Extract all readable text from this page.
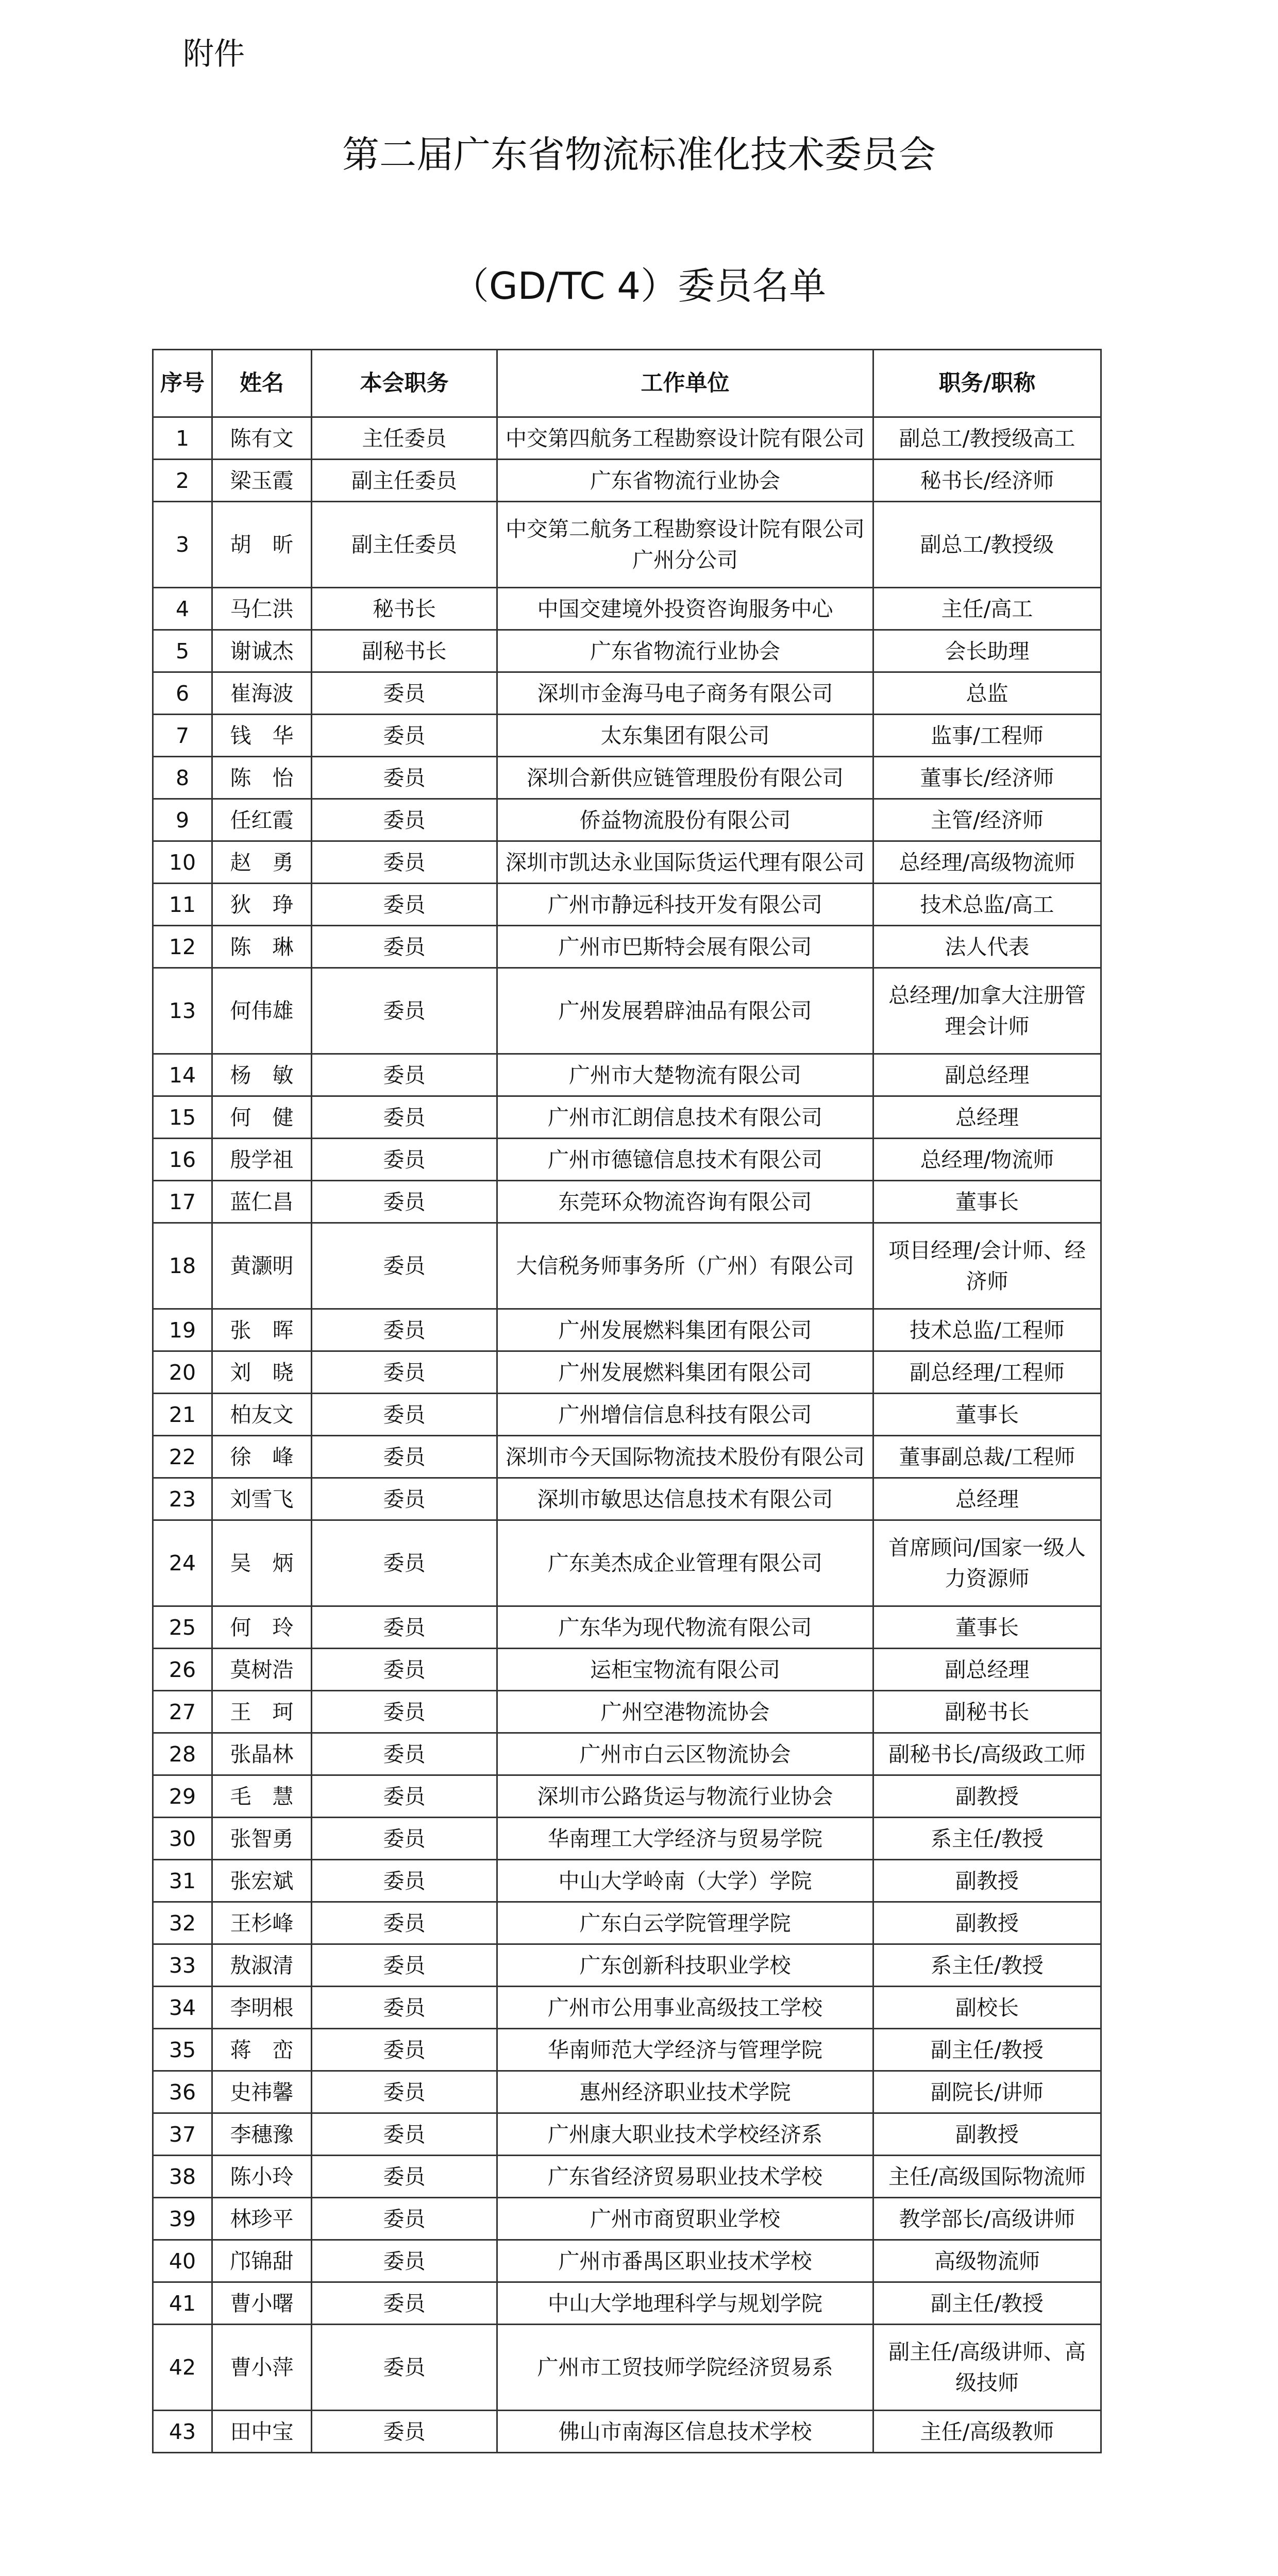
附件
第二届广东省物流标准化技术委员会
（GD/TC 4）委员名单
序号	姓名	本会职务	工作单位	职务/职称
1	陈有文	主任委员	中交第四航务工程勘察设计院有限公司	副总工/教授级高工
2	梁玉霞	副主任委员	广东省物流行业协会	秘书长/经济师
3	胡　昕	副主任委员	中交第二航务工程勘察设计院有限公司广州分公司	副总工/教授级
4	马仁洪	秘书长	中国交建境外投资咨询服务中心	主任/高工
5	谢诚杰	副秘书长	广东省物流行业协会	会长助理
6	崔海波	委员	深圳市金海马电子商务有限公司	总监
7	钱　华	委员	太东集团有限公司	监事/工程师
8	陈　怡	委员	深圳合新供应链管理股份有限公司	董事长/经济师
9	任红霞	委员	侨益物流股份有限公司	主管/经济师
10	赵　勇	委员	深圳市凯达永业国际货运代理有限公司	总经理/高级物流师
11	狄　琤	委员	广州市静远科技开发有限公司	技术总监/高工
12	陈　琳	委员	广州市巴斯特会展有限公司	法人代表
13	何伟雄	委员	广州发展碧辟油品有限公司	总经理/加拿大注册管理会计师
14	杨　敏	委员	广州市大楚物流有限公司	副总经理
15	何　健	委员	广州市汇朗信息技术有限公司	总经理
16	殷学祖	委员	广州市德镱信息技术有限公司	总经理/物流师
17	蓝仁昌	委员	东莞环众物流咨询有限公司	董事长
18	黄灏明	委员	大信税务师事务所（广州）有限公司	项目经理/会计师、经济师
19	张　晖	委员	广州发展燃料集团有限公司	技术总监/工程师
20	刘　晓	委员	广州发展燃料集团有限公司	副总经理/工程师
21	柏友文	委员	广州增信信息科技有限公司	董事长
22	徐　峰	委员	深圳市今天国际物流技术股份有限公司	董事副总裁/工程师
23	刘雪飞	委员	深圳市敏思达信息技术有限公司	总经理
24	吴　炳	委员	广东美杰成企业管理有限公司	首席顾问/国家一级人力资源师
25	何　玲	委员	广东华为现代物流有限公司	董事长
26	莫树浩	委员	运柜宝物流有限公司	副总经理
27	王　珂	委员	广州空港物流协会	副秘书长
28	张晶林	委员	广州市白云区物流协会	副秘书长/高级政工师
29	毛　慧	委员	深圳市公路货运与物流行业协会	副教授
30	张智勇	委员	华南理工大学经济与贸易学院	系主任/教授
31	张宏斌	委员	中山大学岭南（大学）学院	副教授
32	王杉峰	委员	广东白云学院管理学院	副教授
33	敖淑清	委员	广东创新科技职业学校	系主任/教授
34	李明根	委员	广州市公用事业高级技工学校	副校长
35	蒋　峦	委员	华南师范大学经济与管理学院	副主任/教授
36	史祎馨	委员	惠州经济职业技术学院	副院长/讲师
37	李穗豫	委员	广州康大职业技术学校经济系	副教授
38	陈小玲	委员	广东省经济贸易职业技术学校	主任/高级国际物流师
39	林珍平	委员	广州市商贸职业学校	教学部长/高级讲师
40	邝锦甜	委员	广州市番禺区职业技术学校	高级物流师
41	曹小曙	委员	中山大学地理科学与规划学院	副主任/教授
42	曹小萍	委员	广州市工贸技师学院经济贸易系	副主任/高级讲师、高级技师
43	田中宝	委员	佛山市南海区信息技术学校	主任/高级教师
